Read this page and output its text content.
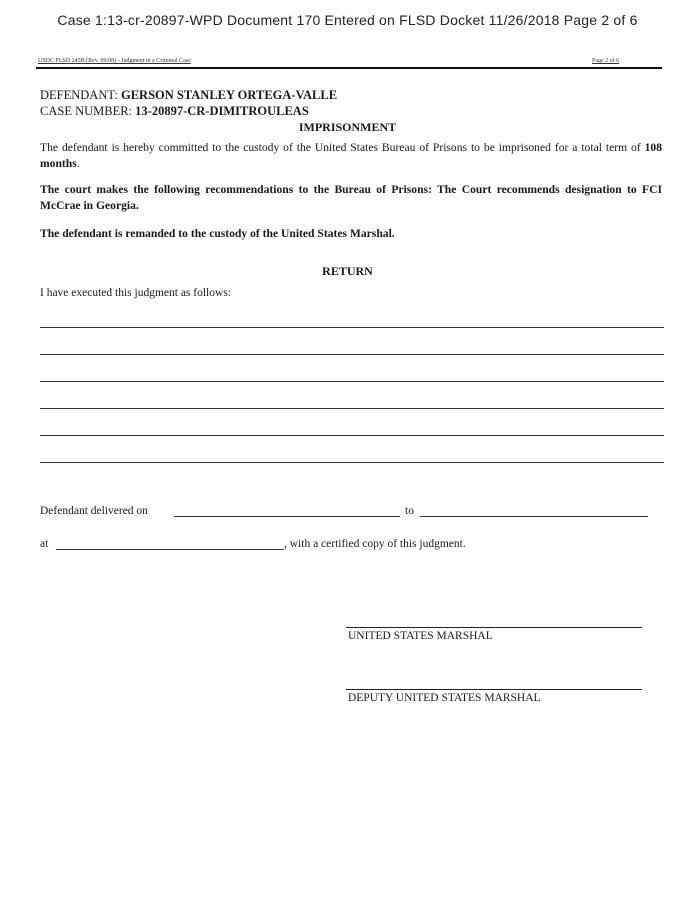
Case 1:13-cr-20897-WPD Document 170 Entered on FLSD Docket 11/26/2018 Page 2 of 6
USDC FLSD 245B (Rev. 09/08) - Judgment in a Criminal Case	Page 2 of 6
DEFENDANT: GERSON STANLEY ORTEGA-VALLE
CASE NUMBER: 13-20897-CR-DIMITROULEAS
IMPRISONMENT

The defendant is hereby committed to the custody of the United States Bureau of Prisons to be imprisoned for a total term of 108 months.

The court makes the following recommendations to the Bureau of Prisons: The Court recommends designation to FCI McCrae in Georgia.

The defendant is remanded to the custody of the United States Marshal.

RETURN
I have executed this judgment as follows:
Defendant delivered on	to
at	, with a certified copy of this judgment.
UNITED STATES MARSHAL
DEPUTY UNITED STATES MARSHAL
